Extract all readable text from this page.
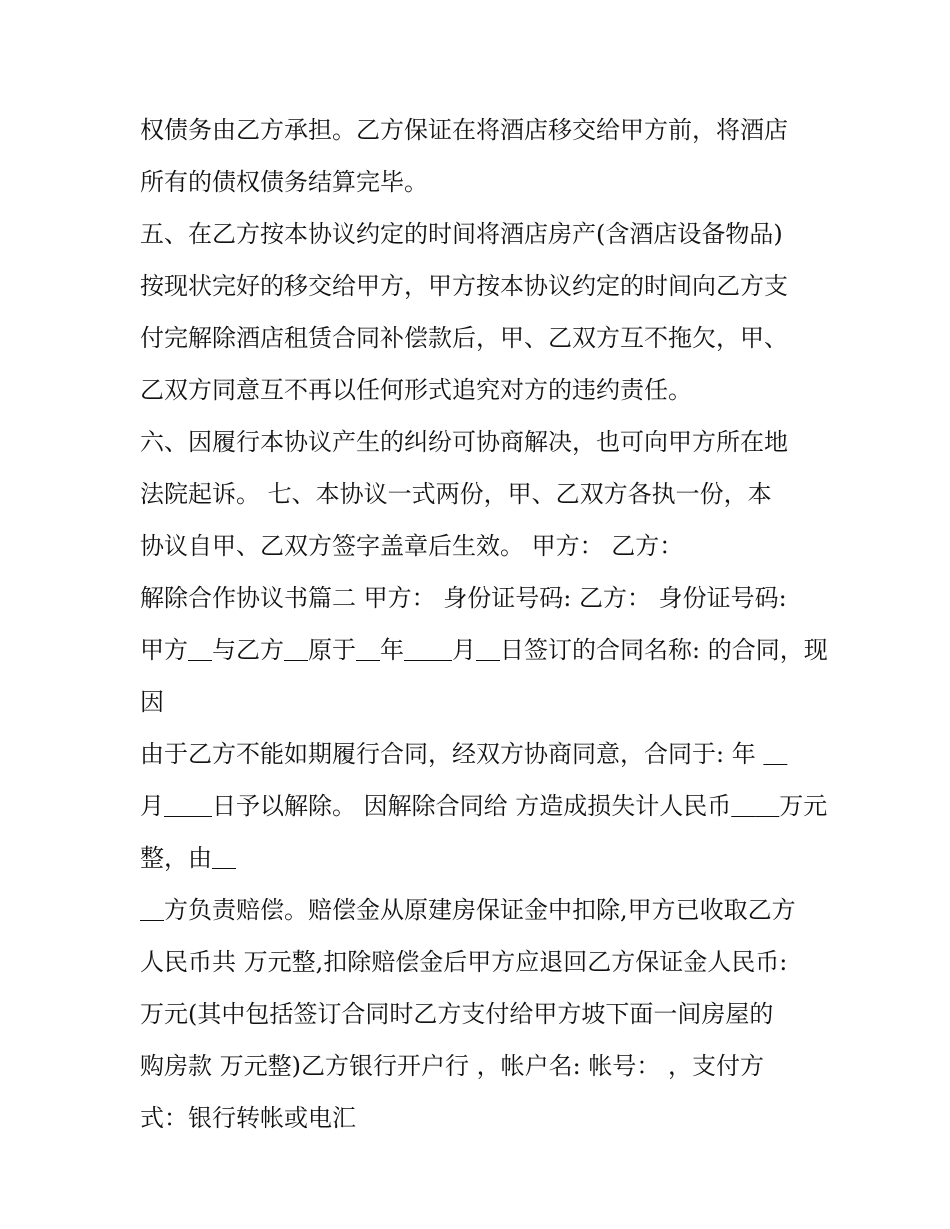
权债务由乙方承担。乙方保证在将酒店移交给甲方前，将酒店
所有的债权债务结算完毕。
五、在乙方按本协议约定的时间将酒店房产(含酒店设备物品)
按现状完好的移交给甲方，甲方按本协议约定的时间向乙方支
付完解除酒店租赁合同补偿款后，甲、乙双方互不拖欠，甲、
乙双方同意互不再以任何形式追究对方的违约责任。
六、因履行本协议产生的纠纷可协商解决，也可向甲方所在地
法院起诉。 七、本协议一式两份，甲、乙双方各执一份，本
协议自甲、乙双方签字盖章后生效。 甲方： 乙方：
解除合作协议书篇二 甲方： 身份证号码: 乙方： 身份证号码:
甲方＿与乙方＿原于＿年＿＿月＿日签订的合同名称: 的合同，现
因
由于乙方不能如期履行合同，经双方协商同意，合同于: 年 ＿
月＿＿日予以解除。 因解除合同给 方造成损失计人民币＿＿万元
整，由＿
＿方负责赔偿。赔偿金从原建房保证金中扣除,甲方已收取乙方
人民币共 万元整,扣除赔偿金后甲方应退回乙方保证金人民币:
万元(其中包括签订合同时乙方支付给甲方坡下面一间房屋的
购房款 万元整)乙方银行开户行 ，帐户名: 帐号： ，支付方
式：银行转帐或电汇
